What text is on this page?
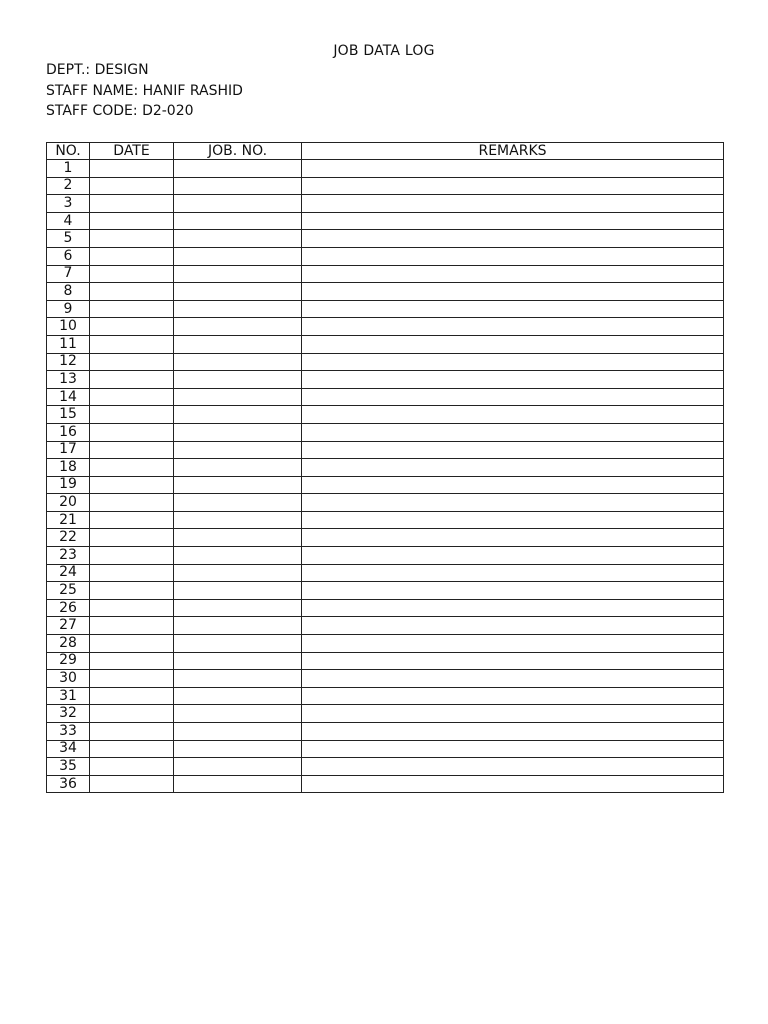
JOB DATA LOG
DEPT.: DESIGN
STAFF NAME: HANIF RASHID
STAFF CODE: D2-020
NO.	DATE	JOB. NO.	REMARKS
1			
2			
3			
4			
5			
6			
7			
8			
9			
10			
11			
12			
13			
14			
15			
16			
17			
18			
19			
20			
21			
22			
23			
24			
25			
26			
27			
28			
29			
30			
31			
32			
33			
34			
35			
36			
